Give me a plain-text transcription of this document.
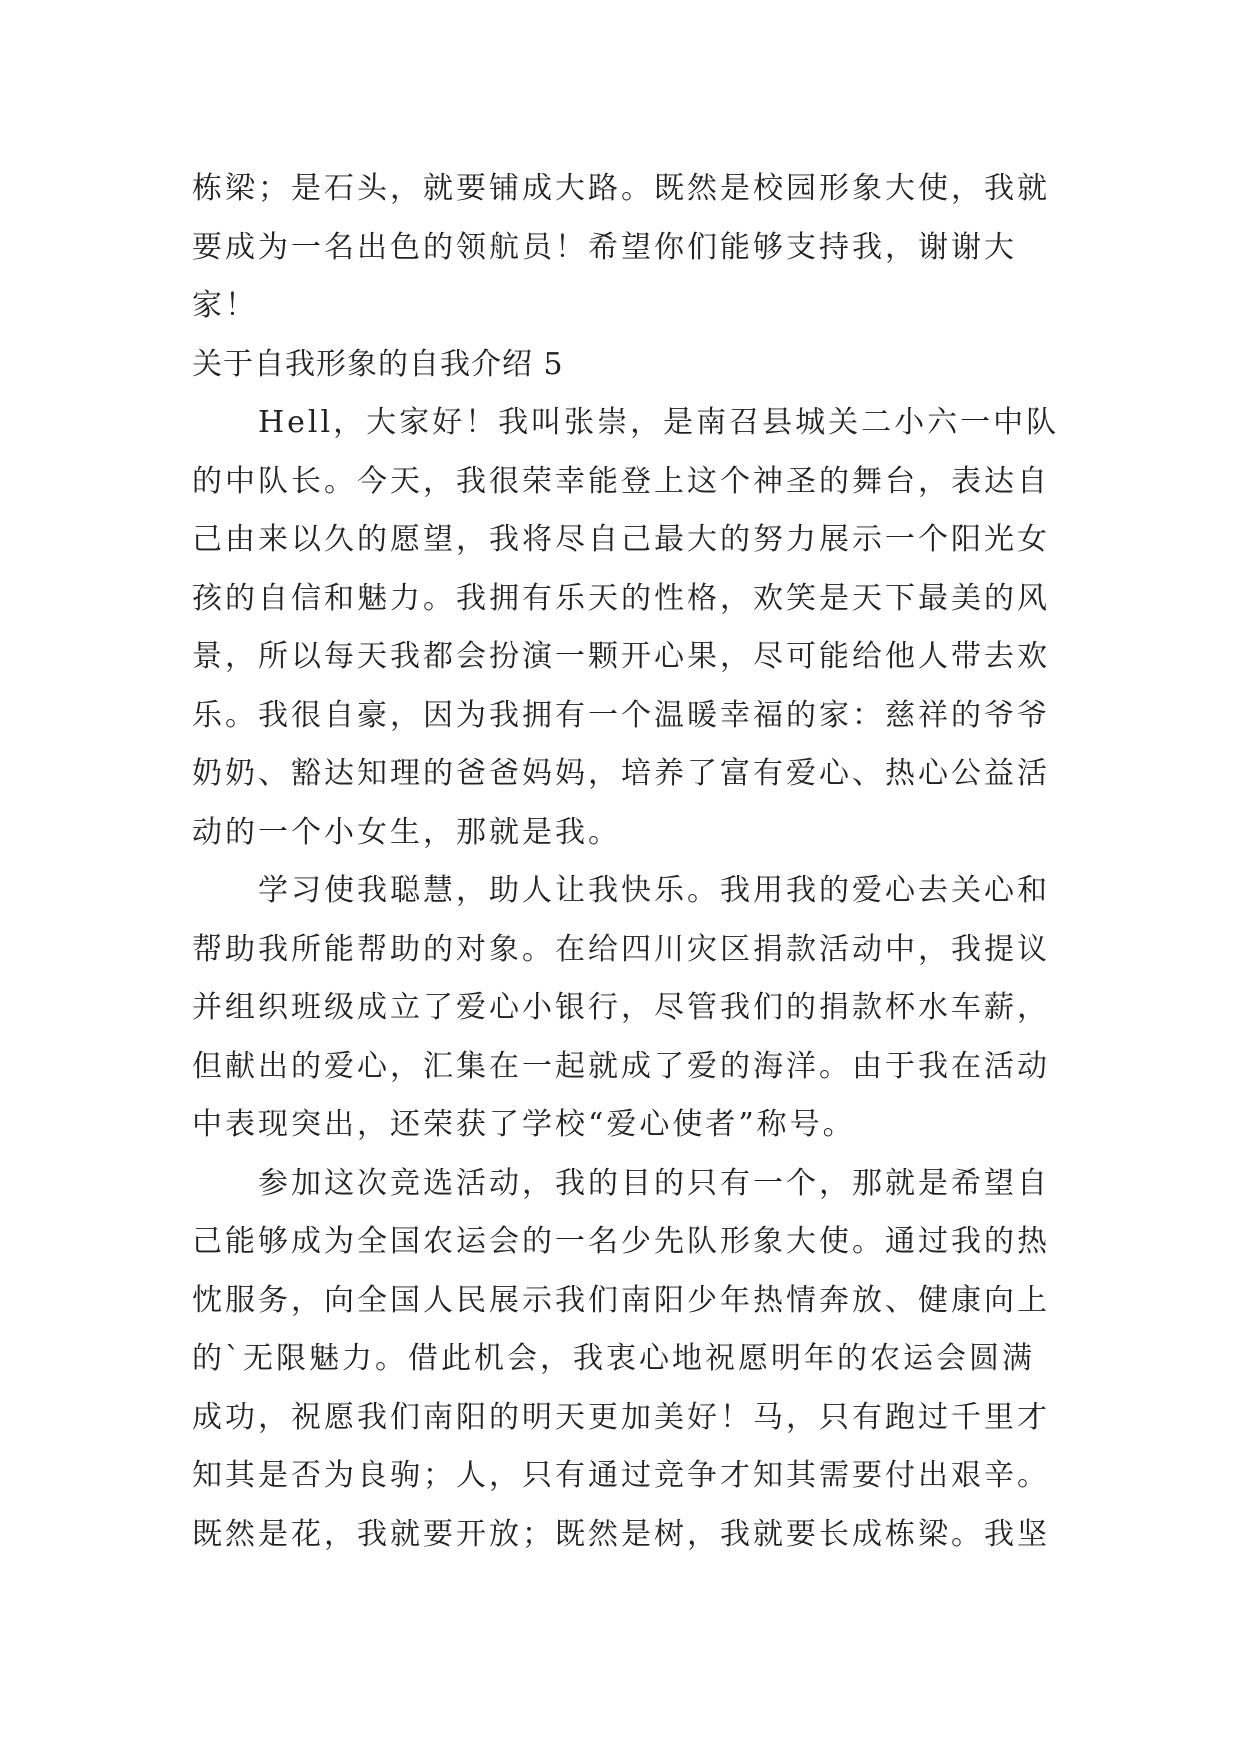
栋梁；是石头，就要铺成大路。既然是校园形象大使，我就
要成为一名出色的领航员！希望你们能够支持我，谢谢大
家！
关于自我形象的自我介绍 5
Hell，大家好！我叫张崇，是南召县城关二小六一中队
的中队长。今天，我很荣幸能登上这个神圣的舞台，表达自
己由来以久的愿望，我将尽自己最大的努力展示一个阳光女
孩的自信和魅力。我拥有乐天的性格，欢笑是天下最美的风
景，所以每天我都会扮演一颗开心果，尽可能给他人带去欢
乐。我很自豪，因为我拥有一个温暖幸福的家：慈祥的爷爷
奶奶、豁达知理的爸爸妈妈，培养了富有爱心、热心公益活
动的一个小女生，那就是我。
学习使我聪慧，助人让我快乐。我用我的爱心去关心和
帮助我所能帮助的对象。在给四川灾区捐款活动中，我提议
并组织班级成立了爱心小银行，尽管我们的捐款杯水车薪，
但献出的爱心，汇集在一起就成了爱的海洋。由于我在活动
中表现突出，还荣获了学校“爱心使者”称号。
参加这次竞选活动，我的目的只有一个，那就是希望自
己能够成为全国农运会的一名少先队形象大使。通过我的热
忱服务，向全国人民展示我们南阳少年热情奔放、健康向上
的`无限魅力。借此机会，我衷心地祝愿明年的农运会圆满
成功，祝愿我们南阳的明天更加美好！马，只有跑过千里才
知其是否为良驹；人，只有通过竞争才知其需要付出艰辛。
既然是花，我就要开放；既然是树，我就要长成栋梁。我坚
